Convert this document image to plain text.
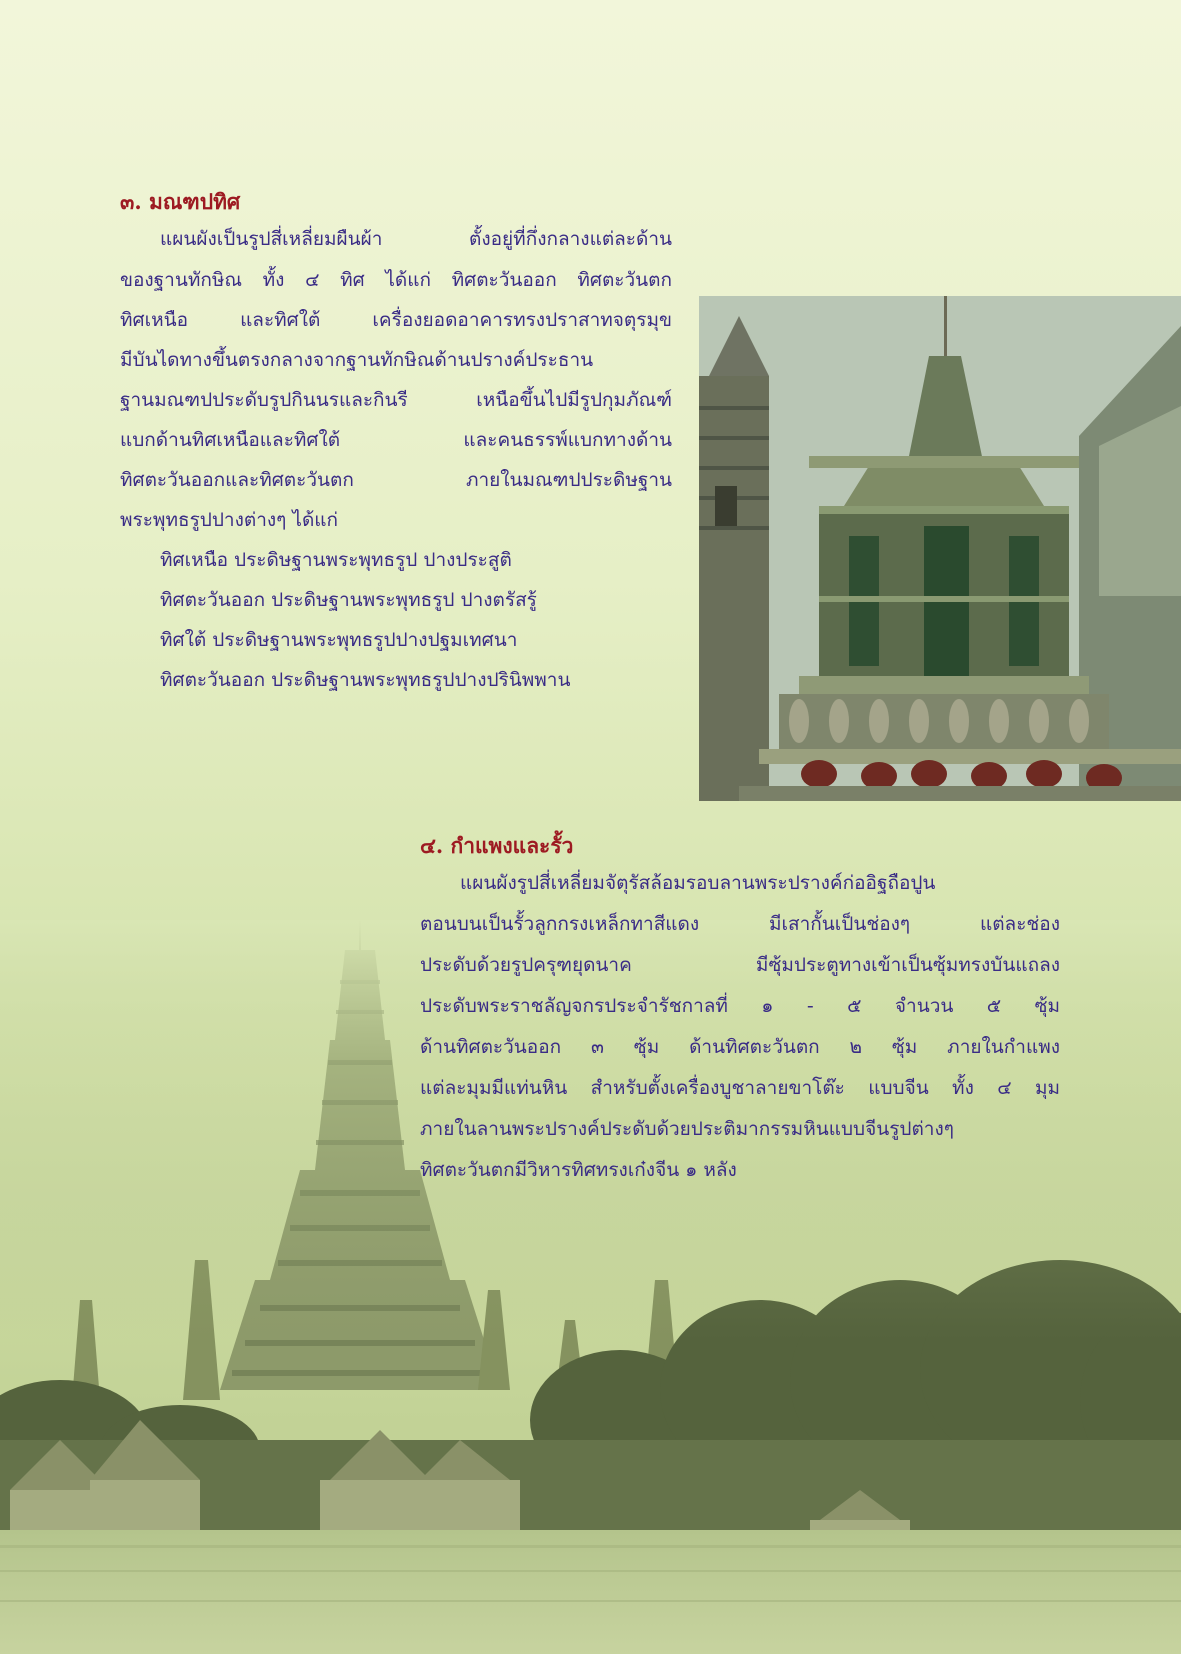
๓. มณฑปทิศ

แผนผังเป็นรูปสี่เหลี่ยมผืนผ้า ตั้งอยู่ที่กึ่งกลางแต่ละด้าน

ของฐานทักษิณ ทั้ง ๔ ทิศ ได้แก่ ทิศตะวันออก ทิศตะวันตก

ทิศเหนือ และทิศใต้ เครื่องยอดอาคารทรงปราสาทจตุรมุข

มีบันไดทางขึ้นตรงกลางจากฐานทักษิณด้านปรางค์ประธาน

ฐานมณฑปประดับรูปกินนรและกินรี เหนือขึ้นไปมีรูปกุมภัณฑ์

แบกด้านทิศเหนือและทิศใต้ และคนธรรพ์แบกทางด้าน

ทิศตะวันออกและทิศตะวันตก ภายในมณฑปประดิษฐาน

พระพุทธรูปปางต่างๆ ได้แก่

ทิศเหนือ ประดิษฐานพระพุทธรูป ปางประสูติ

ทิศตะวันออก ประดิษฐานพระพุทธรูป ปางตรัสรู้

ทิศใต้ ประดิษฐานพระพุทธรูปปางปฐมเทศนา

ทิศตะวันออก ประดิษฐานพระพุทธรูปปางปรินิพพาน

๔. กำแพงและรั้ว

แผนผังรูปสี่เหลี่ยมจัตุรัสล้อมรอบลานพระปรางค์ก่ออิฐถือปูน

ตอนบนเป็นรั้วลูกกรงเหล็กทาสีแดง มีเสากั้นเป็นช่องๆ แต่ละช่อง

ประดับด้วยรูปครุฑยุดนาค มีซุ้มประตูทางเข้าเป็นซุ้มทรงบันแถลง

ประดับพระราชลัญจกรประจำรัชกาลที่ ๑ - ๕ จำนวน ๕ ซุ้ม

ด้านทิศตะวันออก ๓ ซุ้ม ด้านทิศตะวันตก ๒ ซุ้ม ภายในกำแพง

แต่ละมุมมีแท่นหิน สำหรับตั้งเครื่องบูชาลายขาโต๊ะ แบบจีน ทั้ง ๔ มุม

ภายในลานพระปรางค์ประดับด้วยประติมากรรมหินแบบจีนรูปต่างๆ

ทิศตะวันตกมีวิหารทิศทรงเก๋งจีน ๑ หลัง
